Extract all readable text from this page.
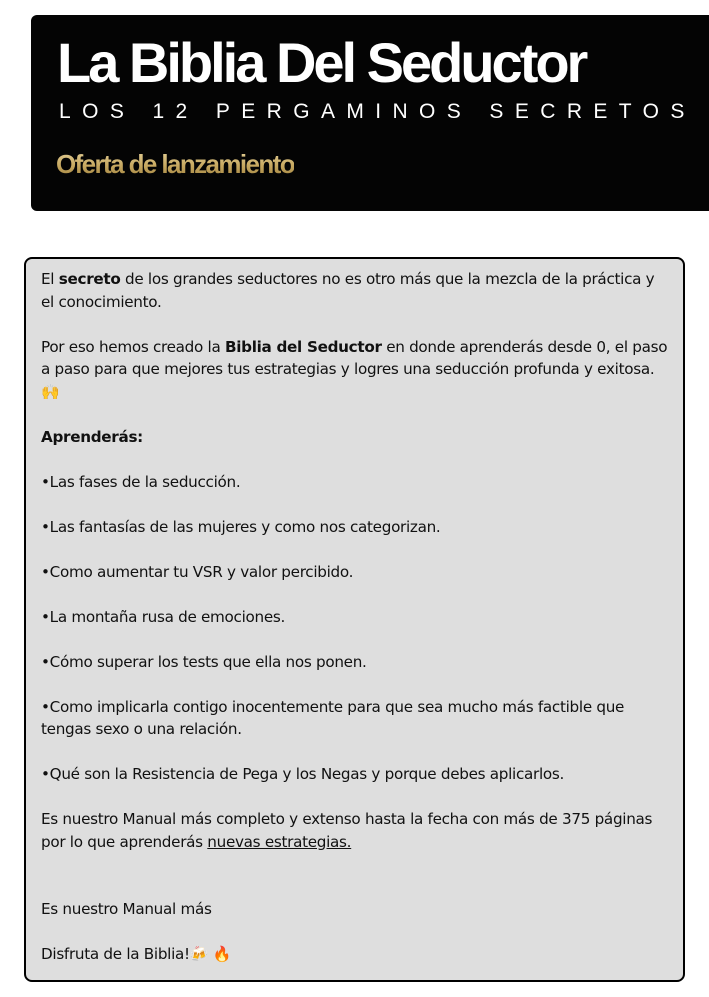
La Biblia Del Seductor
LOS 12 PERGAMINOS SECRETOS
Oferta de lanzamiento

El secreto de los grandes seductores no es otro más que la mezcla de la práctica y el conocimiento.

Por eso hemos creado la Biblia del Seductor en donde aprenderás desde 0, el paso a paso para que mejores tus estrategias y logres una seducción profunda y exitosa.
🙌

Aprenderás:

•Las fases de la seducción.

•Las fantasías de las mujeres y como nos categorizan.

•Como aumentar tu VSR y valor percibido.

•La montaña rusa de emociones.

•Cómo superar los tests que ella nos ponen.

•Como implicarla contigo inocentemente para que sea mucho más factible que tengas sexo o una relación.

•Qué son la Resistencia de Pega y los Negas y porque debes aplicarlos.

Es nuestro Manual más completo y extenso hasta la fecha con más de 375 páginas por lo que aprenderás nuevas estrategias.

Es nuestro Manual más

Disfruta de la Biblia!🍻 🔥
